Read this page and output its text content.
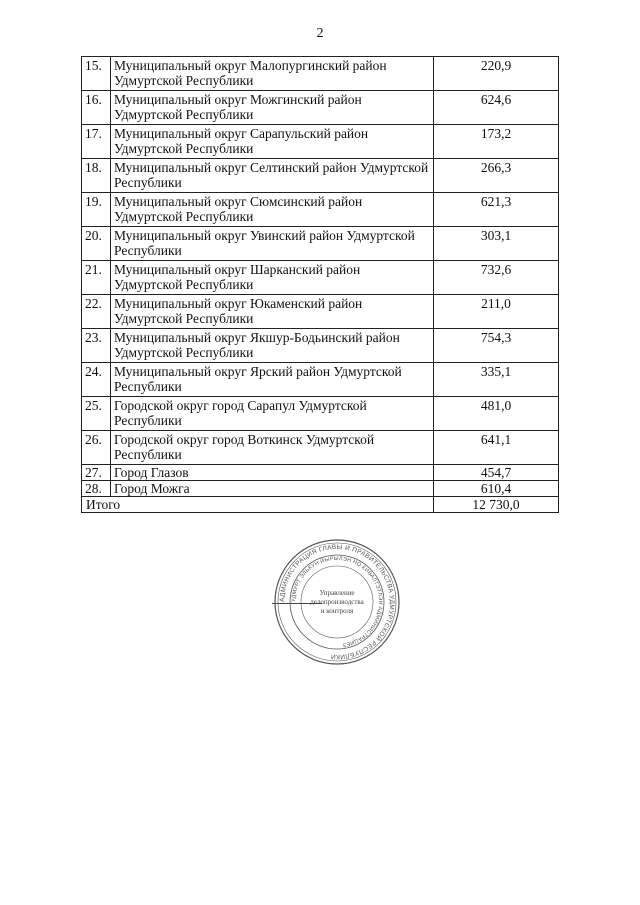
2
15.	Муниципальный округ Малопургинский район Удмуртской Республики	220,9
16.	Муниципальный округ Можгинский район Удмуртской Республики	624,6
17.	Муниципальный округ Сарапульский район Удмуртской Республики	173,2
18.	Муниципальный округ Селтинский район Удмуртской Республики	266,3
19.	Муниципальный округ Сюмсинский район Удмуртской Республики	621,3
20.	Муниципальный округ Увинский район Удмуртской Республики	303,1
21.	Муниципальный округ Шарканский район Удмуртской Республики	732,6
22.	Муниципальный округ Юкаменский район Удмуртской Республики	211,0
23.	Муниципальный округ Якшур-Бодьинский район Удмуртской Республики	754,3
24.	Муниципальный округ Ярский район Удмуртской Республики	335,1
25.	Городской округ город Сарапул Удмуртской Республики	481,0
26.	Городской округ город Воткинск Удмуртской Республики	641,1
27.	Город Глазов	454,7
28.	Город Можга	610,4
Итого		12 730,0
АДМИНИСТРАЦИЯ ГЛАВЫ И ПРАВИТЕЛЬСТВА УДМУРТСКОЙ РЕСПУБЛИКИ
УДМУРТ ЭЛЬКУН ЙЫРЫЛЭН НО КИВАЛТЭТЛЭН АДМИНИСТРАЦИЕЗ
Управление
делопроизводства
и контроля
